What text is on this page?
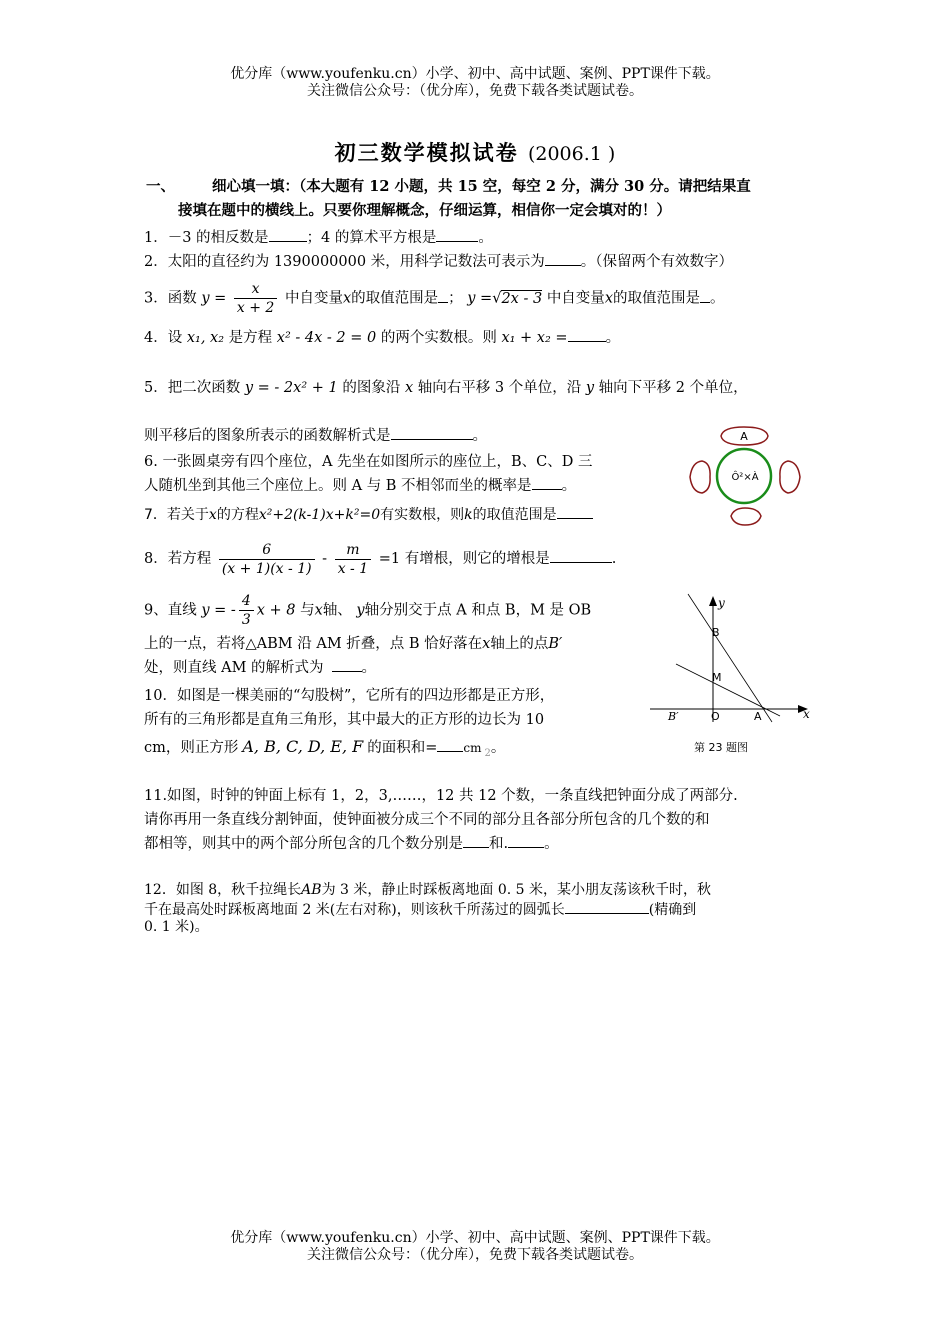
优分库（www.youfenku.cn）小学、初中、高中试题、案例、PPT课件下载。
关注微信公众号：（优分库），免费下载各类试题试卷。
初三数学模拟试卷 (2006.1 )
一、	细心填一填：（本大题有 12 小题，共 15 空，每空 2 分，满分 30 分。请把结果直
接填在题中的横线上。只要你理解概念，仔细运算，相信你一定会填对的！）
1．－3 的相反数是	；4 的算术平方根是	。
2．太阳的直径约为 1390000000 米，用科学记数法可表示为 。（保留两个有效数字）
3．函数 $y = \frac{x}{x + 2}$ 中自变量x的取值范围是 ； y =√2x - 3 中自变量x的取值范围是 。
4．设 x₁, x₂ 是方程 x² - 4x - 2 = 0 的两个实数根。则 x₁ + x₂ =	。
5．把二次函数 y = - 2x² + 1 的图象沿 x 轴向右平移 3 个单位，沿 y 轴向下平移 2 个单位，
则平移后的图象所表示的函数解析式是	。
6. 一张圆桌旁有四个座位，A 先坐在如图所示的座位上，B、C、D 三
人随机坐到其他三个座位上。则 A 与 B 不相邻而坐的概率是 。
A
Ô²×À
7．若关于x的方程x²+2(k-1)x+k²=0有实数根，则k的取值范围是
8．若方程 $\frac{6}{(x + 1)(x - 1)} - \frac{m}{x - 1} =1$ 有增根，则它的增根是	.
9、直线 y = - $\frac{4}{3}$ x + 8 与x轴、 y轴分别交于点 A 和点 B，M 是 OB
上的一点，若将△ABM 沿 AM 折叠，点 B 恰好落在x轴上的点B′
处，则直线 AM 的解析式为	。
10．如图是一棵美丽的“勾股树”，它所有的四边形都是正方形，
所有的三角形都是直角三角形，其中最大的正方形的边长为 10
cm，则正方形 A, B, C, D, E, F 的面积和= cm $_2$。
y
x
B
M
B′	O	A
第 23 题图
11.如图，时钟的钟面上标有 1，2，3,……，12 共 12 个数，一条直线把钟面分成了两部分.
请你再用一条直线分割钟面，使钟面被分成三个不同的部分且各部分所包含的几个数的和
都相等，则其中的两个部分所包含的几个数分别是 和. 。
12．如图 8，秋千拉绳长AB为 3 米，静止时踩板离地面 0. 5 米，某小朋友荡该秋千时，秋
千在最高处时踩板离地面 2 米(左右对称)，则该秋千所荡过的圆弧长	(精确到
0. 1 米)。
优分库（www.youfenku.cn）小学、初中、高中试题、案例、PPT课件下载。
关注微信公众号：（优分库），免费下载各类试题试卷。
